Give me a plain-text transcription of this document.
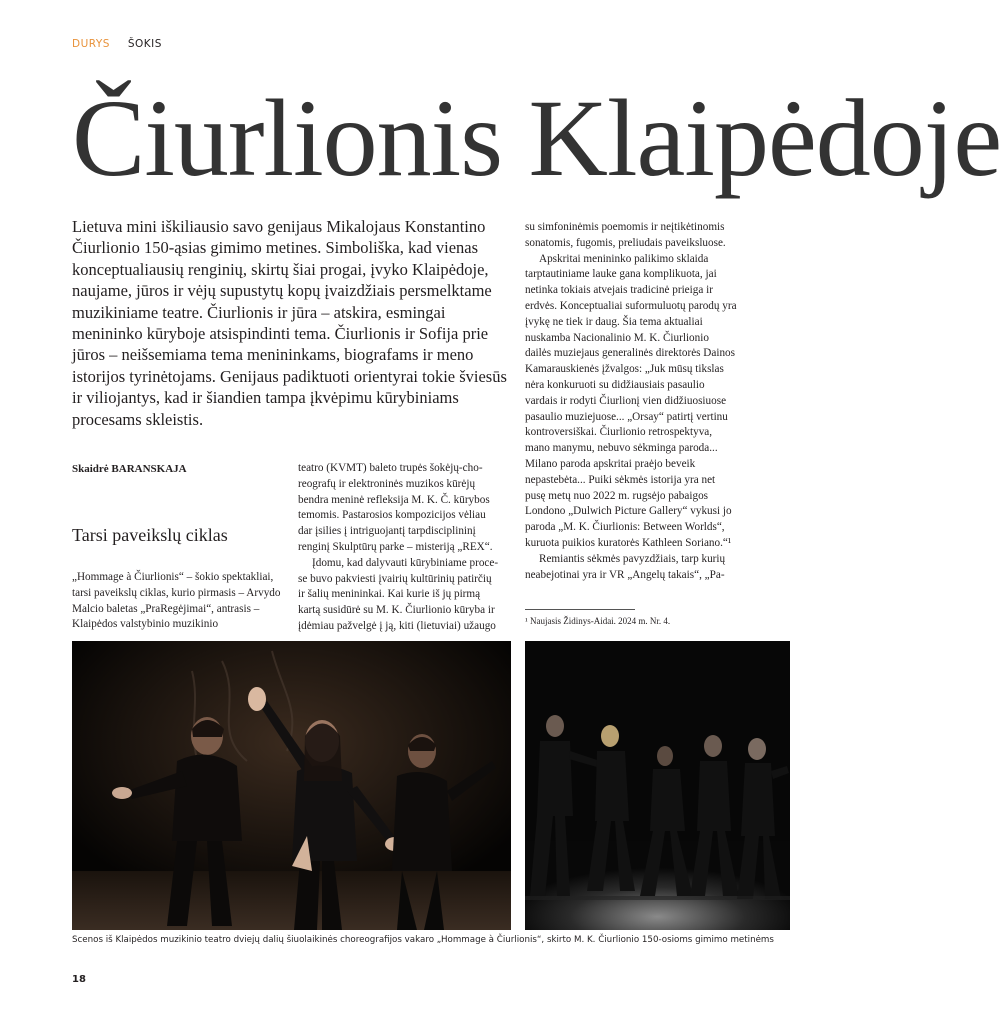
DURYS ŠOKIS
Čiurlionis Klaipėdoje

Lietuva mini iškiliausio savo genijaus Mikalojaus Konstantino Čiurlionio 150-ąsias gimimo metines. Simboliška, kad vienas konceptualiausių renginių, skirtų šiai progai, įvyko Klaipėdoje, naujame, jūros ir vėjų supustytų kopų įvaizdžiais persmelktame muzikiniame teatre. Čiurlionis ir jūra – atskira, esmingai menininko kūryboje atsispindinti tema. Čiurlionis ir Sofija prie jūros – neišsemiama tema menininkams, biografams ir meno istorijos tyrinėtojams. Genijaus padiktuoti orientyrai tokie šviesūs ir viliojantys, kad ir šiandien tampa įkvėpimu kūrybiniams procesams skleistis.

Skaidrė BARANSKAJA
Tarsi paveikslų ciklas

„Hommage à Čiurlionis“ – šokio spektakliai, tarsi paveikslų ciklas, kurio pirmasis – Arvydo Malcio baletas „PraRegėjimai“, antrasis – Klaipėdos valstybinio muzikinio

teatro (KVMT) baleto trupės šokėjų-choreografų ir elektroninės muzikos kūrėjų bendra meninė refleksija M. K. Č. kūrybos temomis. Pastarosios kompozicijos vėliau dar įsilies į intriguojantį tarpdisciplininį renginį Skulptūrų parke – misteriją „REX“.

Įdomu, kad dalyvauti kūrybiniame procese buvo pakviesti įvairių kultūrinių patirčių ir šalių menininkai. Kai kurie iš jų pirmą kartą susidūrė su M. K. Čiurlionio kūryba ir įdėmiau pažvelgė į ją, kiti (lietuviai) užaugo

su simfoninėmis poemomis ir neįtikėtinomis sonatomis, fugomis, preliudais paveiksluose.

Apskritai menininko palikimo sklaida tarptautiniame lauke gana komplikuota, jai netinka tokiais atvejais tradicinė prieiga ir erdvės. Konceptualiai suformuluotų parodų yra įvykę ne tiek ir daug. Šia tema aktualiai nuskamba Nacionalinio M. K. Čiurlionio dailės muziejaus generalinės direktorės Dainos Kamarauskienės įžvalgos: „Juk mūsų tikslas nėra konkuruoti su didžiausiais pasaulio vardais ir rodyti Čiurlionį vien didžiuosiuose pasaulio muziejuose... „Orsay“ patirtį vertinu kontroversiškai. Čiurlionio retrospektyva, mano manymu, nebuvo sėkminga paroda... Milano paroda apskritai praėjo beveik nepastebėta... Puiki sėkmės istorija yra net pusę metų nuo 2022 m. rugsėjo pabaigos Londono „Dulwich Picture Gallery“ vykusi jo paroda „M. K. Čiurlionis: Between Worlds“, kuruota puikios kuratorės Kathleen Soriano.“¹

Remiantis sėkmės pavyzdžiais, tarp kurių neabejotinai yra ir VR „Angelų takais“, „Pa-

¹ Naujasis Židinys-Aidai. 2024 m. Nr. 4.
Scenos iš Klaipėdos muzikinio teatro dviejų dalių šiuolaikinės choreografijos vakaro „Hommage à Čiurlionis“, skirto M. K. Čiurlionio 150-osioms gimimo metinėms
18
